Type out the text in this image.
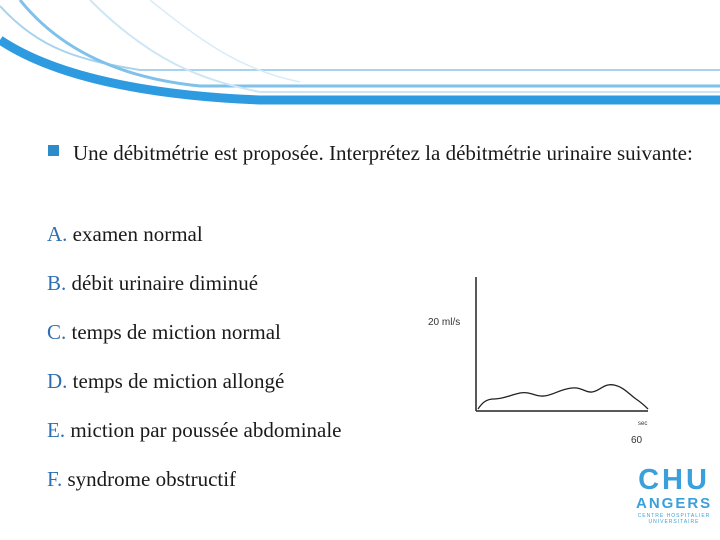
Une débitmétrie est proposée. Interprétez la débitmétrie urinaire suivante:
A. examen normal
B. débit urinaire diminué
C. temps de miction normal
D. temps de miction allongé
E. miction par poussée abdominale
F. syndrome obstructif
20 ml/s
sec
60
CHU
ANGERS
CENTRE HOSPITALIER
UNIVERSITAIRE
